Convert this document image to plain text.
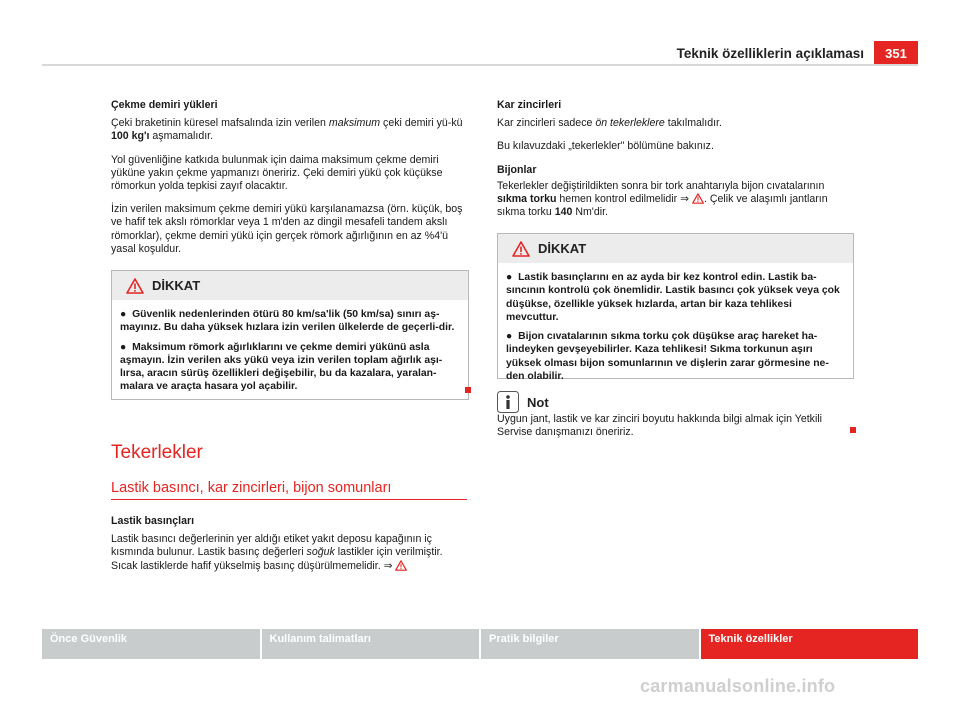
Teknik özelliklerin açıklaması	351

Çekme demiri yükleri

Çeki braketinin küresel mafsalında izin verilen maksimum çeki demiri yü-kü 100 kg'ı aşmamalıdır.

Yol güvenliğine katkıda bulunmak için daima maksimum çekme demiri yüküne yakın çekme yapmanızı öneririz. Çeki demiri yükü çok küçükse römorkun yolda tepkisi zayıf olacaktır.

İzin verilen maksimum çekme demiri yükü karşılanamazsa (örn. küçük, boş ve hafif tek akslı römorklar veya 1 m'den az dingil mesafeli tandem akslı römorklar), çekme demiri yükü için gerçek römork ağırlığının en az %4'ü yasal koşuldur.

DİKKAT

●  Güvenlik nedenlerinden ötürü 80 km/sa'lik (50 km/sa) sınırı aş-mayınız. Bu daha yüksek hızlara izin verilen ülkelerde de geçerli-dir.

●  Maksimum römork ağırlıklarını ve çekme demiri yükünü asla aşmayın. İzin verilen aks yükü veya izin verilen toplam ağırlık aşı-lırsa, aracın sürüş özellikleri değişebilir, bu da kazalara, yaralan-malara ve araçta hasara yol açabilir.

Tekerlekler
Lastik basıncı, kar zincirleri, bijon somunları

Lastik basınçları

Lastik basıncı değerlerinin yer aldığı etiket yakıt deposu kapağının iç kısmında bulunur. Lastik basınç değerleri soğuk lastikler için verilmiştir. Sıcak lastiklerde hafif yükselmiş basınç düşürülmemelidir. ⇒

Kar zincirleri

Kar zincirleri sadece ön tekerleklere takılmalıdır.

Bu kılavuzdaki „tekerlekler" bölümüne bakınız.

Bijonlar

Tekerlekler değiştirildikten sonra bir tork anahtarıyla bijon cıvatalarının sıkma torku hemen kontrol edilmelidir ⇒ . Çelik ve alaşımlı jantların sıkma torku 140 Nm'dir.

DİKKAT

●  Lastik basınçlarını en az ayda bir kez kontrol edin. Lastik ba-sıncının kontrolü çok önemlidir. Lastik basıncı çok yüksek veya çok düşükse, özellikle yüksek hızlarda, artan bir kaza tehlikesi mevcuttur.

●  Bijon cıvatalarının sıkma torku çok düşükse araç hareket ha-lindeyken gevşeyebilirler. Kaza tehlikesi! Sıkma torkunun aşırı yüksek olması bijon somunlarının ve dişlerin zarar görmesine ne-den olabilir.

Not

Uygun jant, lastik ve kar zinciri boyutu hakkında bilgi almak için Yetkili Servise danışmanızı öneririz.

Önce Güvenlik	Kullanım talimatları	Pratik bilgiler	Teknik özellikler
carmanualsonline.info
